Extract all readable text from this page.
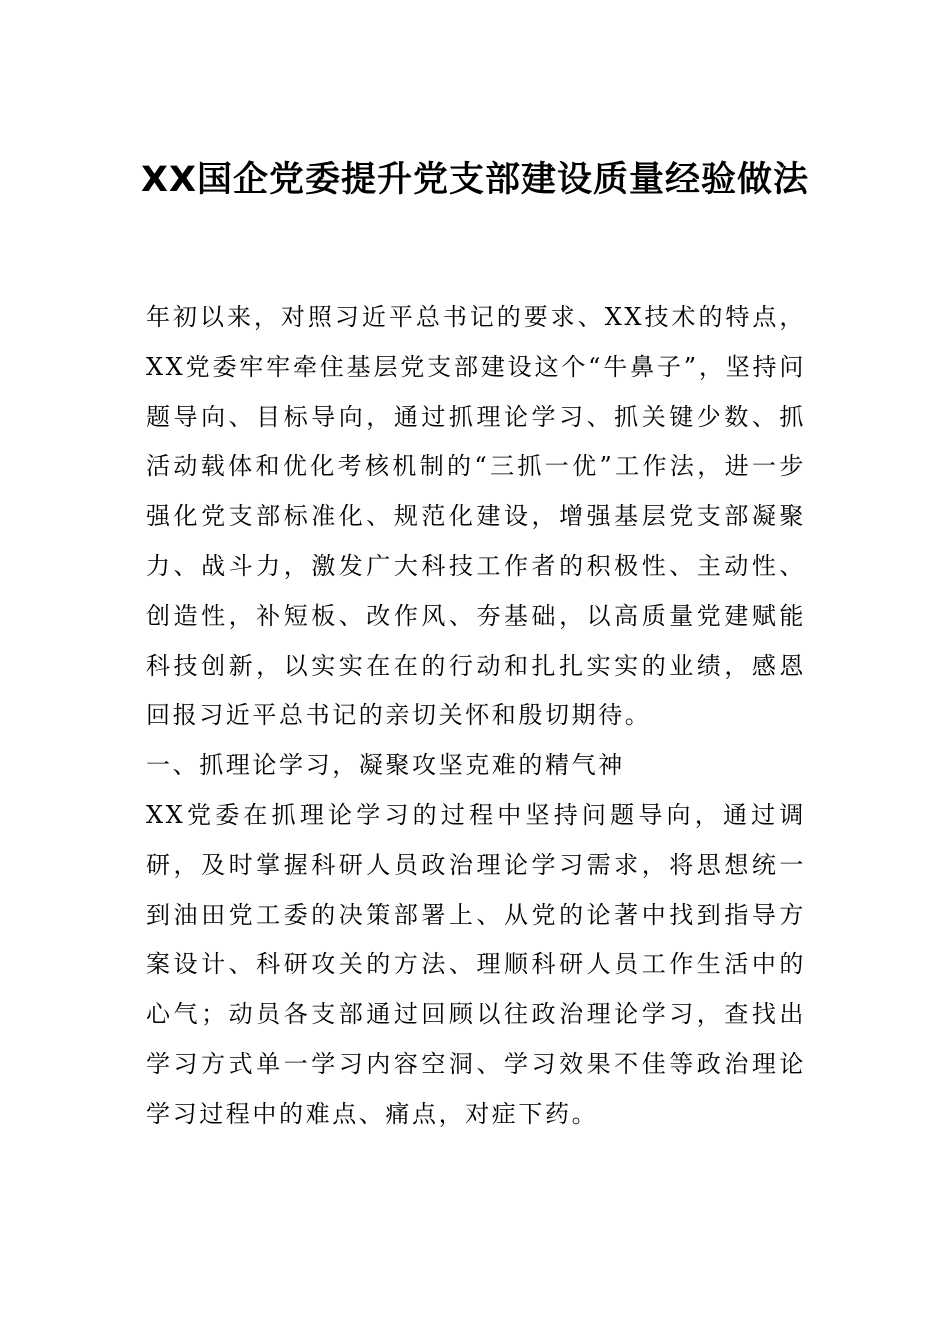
XX国企党委提升党支部建设质量经验做法

年初以来，对照习近平总书记的要求、XX技术的特点，XX党委牢牢牵住基层党支部建设这个“牛鼻子”，坚持问题导向、目标导向，通过抓理论学习、抓关键少数、抓活动载体和优化考核机制的“三抓一优”工作法，进一步强化党支部标准化、规范化建设，增强基层党支部凝聚力、战斗力，激发广大科技工作者的积极性、主动性、创造性，补短板、改作风、夯基础，以高质量党建赋能科技创新，以实实在在的行动和扎扎实实的业绩，感恩回报习近平总书记的亲切关怀和殷切期待。

一、抓理论学习，凝聚攻坚克难的精气神

XX党委在抓理论学习的过程中坚持问题导向，通过调研，及时掌握科研人员政治理论学习需求，将思想统一到油田党工委的决策部署上、从党的论著中找到指导方案设计、科研攻关的方法、理顺科研人员工作生活中的心气；动员各支部通过回顾以往政治理论学习，查找出学习方式单一学习内容空洞、学习效果不佳等政治理论学习过程中的难点、痛点，对症下药。
